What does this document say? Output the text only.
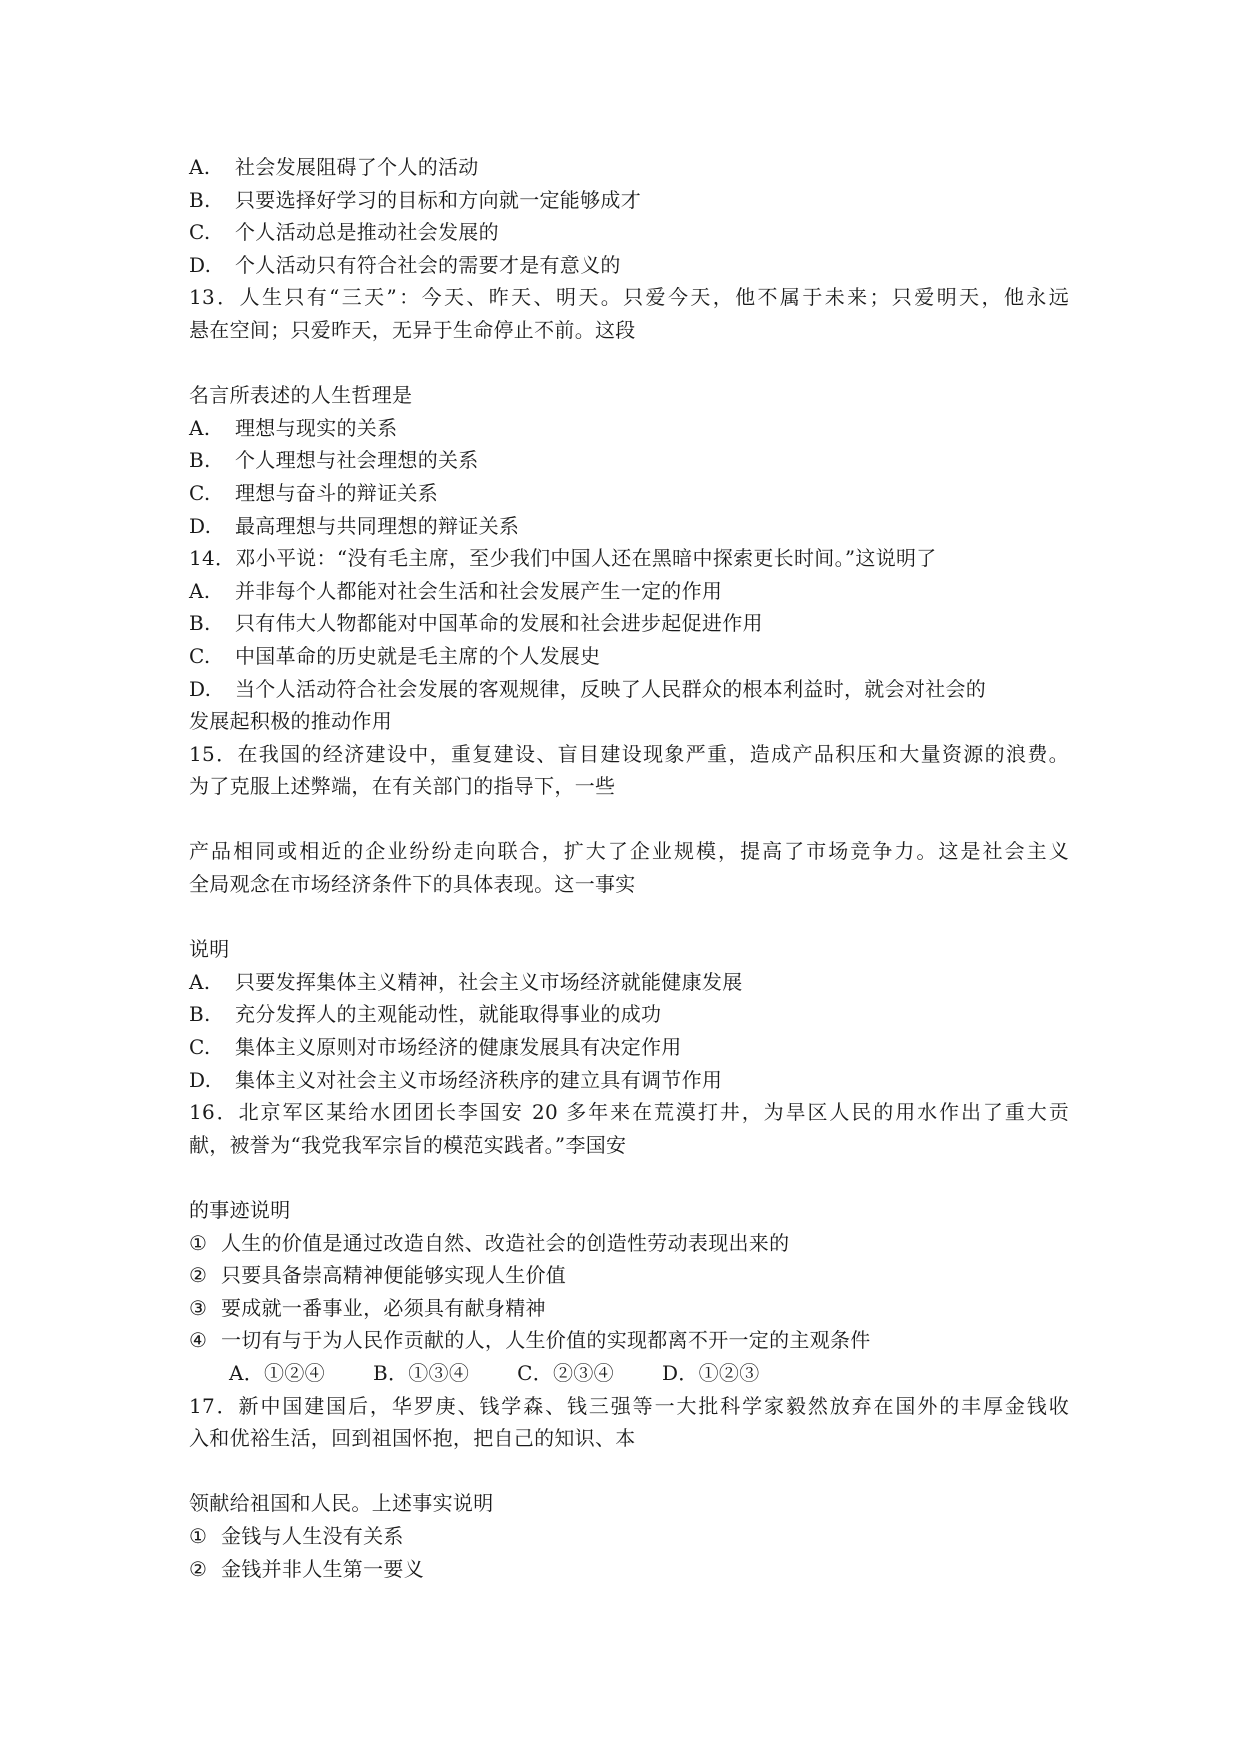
A. 社会发展阻碍了个人的活动
B. 只要选择好学习的目标和方向就一定能够成才
C. 个人活动总是推动社会发展的
D. 个人活动只有符合社会的需要才是有意义的
13．人生只有“三天”：今天、昨天、明天。只爱今天，他不属于未来；只爱明天，他永远
悬在空间；只爱昨天，无异于生命停止不前。这段
名言所表述的人生哲理是
A. 理想与现实的关系
B. 个人理想与社会理想的关系
C. 理想与奋斗的辩证关系
D. 最高理想与共同理想的辩证关系
14．邓小平说：“没有毛主席，至少我们中国人还在黑暗中探索更长时间。”这说明了
A. 并非每个人都能对社会生活和社会发展产生一定的作用
B. 只有伟大人物都能对中国革命的发展和社会进步起促进作用
C. 中国革命的历史就是毛主席的个人发展史
D. 当个人活动符合社会发展的客观规律，反映了人民群众的根本利益时，就会对社会的
发展起积极的推动作用
15．在我国的经济建设中，重复建设、盲目建设现象严重，造成产品积压和大量资源的浪费。
为了克服上述弊端，在有关部门的指导下，一些
产品相同或相近的企业纷纷走向联合，扩大了企业规模，提高了市场竞争力。这是社会主义
全局观念在市场经济条件下的具体表现。这一事实
说明
A. 只要发挥集体主义精神，社会主义市场经济就能健康发展
B. 充分发挥人的主观能动性，就能取得事业的成功
C. 集体主义原则对市场经济的健康发展具有决定作用
D. 集体主义对社会主义市场经济秩序的建立具有调节作用
16．北京军区某给水团团长李国安 20 多年来在荒漠打井，为旱区人民的用水作出了重大贡
献，被誉为“我党我军宗旨的模范实践者。”李国安
的事迹说明
① 人生的价值是通过改造自然、改造社会的创造性劳动表现出来的
② 只要具备崇高精神便能够实现人生价值
③ 要成就一番事业，必须具有献身精神
④ 一切有与于为人民作贡献的人，人生价值的实现都离不开一定的主观条件
A．①②④ B．①③④ C．②③④ D．①②③
17．新中国建国后，华罗庚、钱学森、钱三强等一大批科学家毅然放弃在国外的丰厚金钱收
入和优裕生活，回到祖国怀抱，把自己的知识、本
领献给祖国和人民。上述事实说明
① 金钱与人生没有关系
② 金钱并非人生第一要义
